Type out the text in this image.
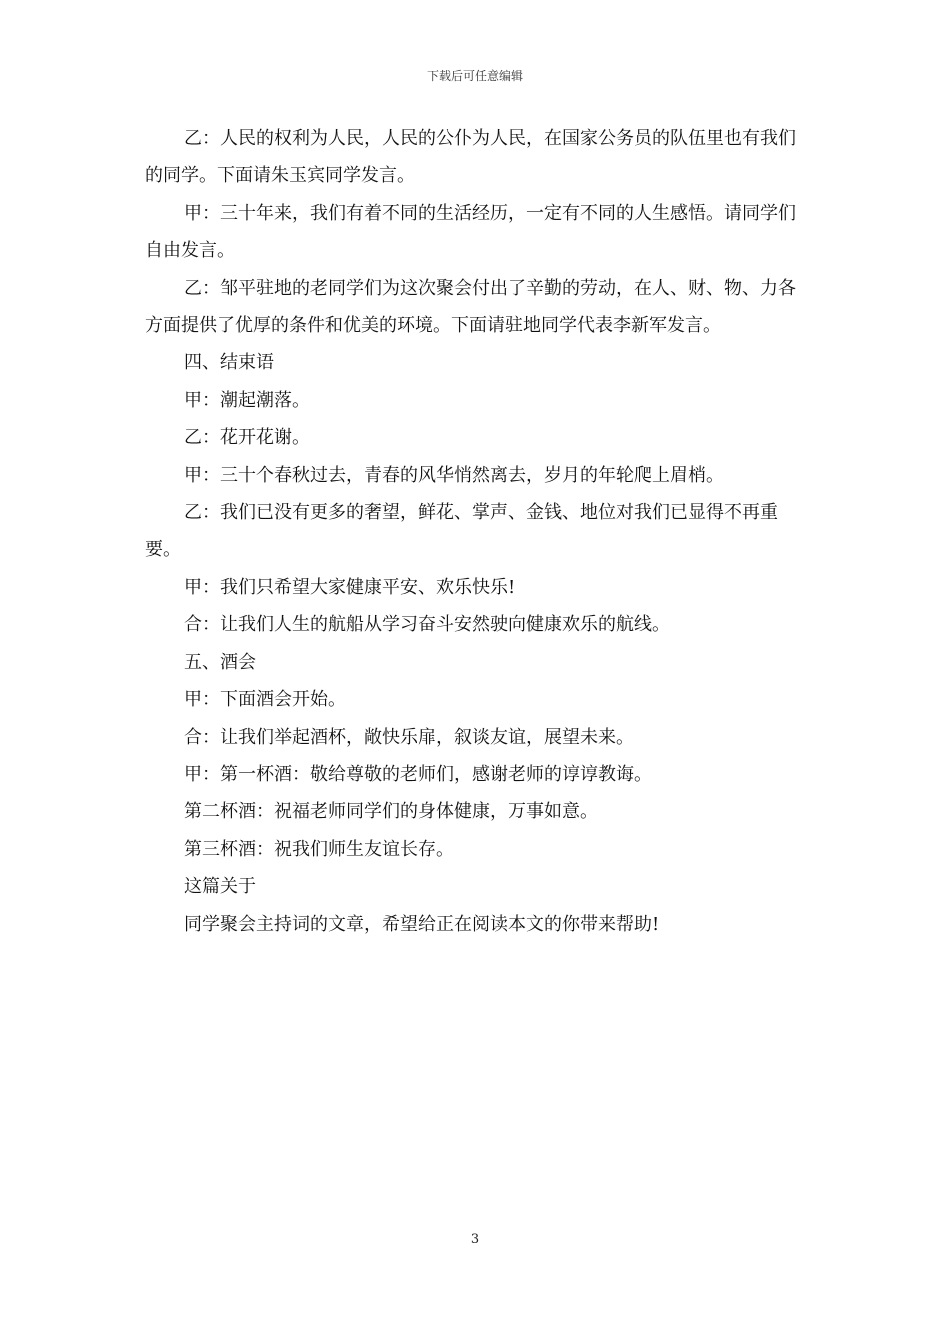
下载后可任意编辑

乙：人民的权利为人民，人民的公仆为人民，在国家公务员的队伍里也有我们的同学。下面请朱玉宾同学发言。

甲：三十年来，我们有着不同的生活经历，一定有不同的人生感悟。请同学们自由发言。

乙：邹平驻地的老同学们为这次聚会付出了辛勤的劳动，在人、财、物、力各方面提供了优厚的条件和优美的环境。下面请驻地同学代表李新军发言。

四、结束语

甲：潮起潮落。

乙：花开花谢。

甲：三十个春秋过去，青春的风华悄然离去，岁月的年轮爬上眉梢。

乙：我们已没有更多的奢望，鲜花、掌声、金钱、地位对我们已显得不再重要。

甲：我们只希望大家健康平安、欢乐快乐!

合：让我们人生的航船从学习奋斗安然驶向健康欢乐的航线。

五、酒会

甲：下面酒会开始。

合：让我们举起酒杯，敞快乐扉，叙谈友谊，展望未来。

甲：第一杯酒：敬给尊敬的老师们，感谢老师的谆谆教诲。

第二杯酒：祝福老师同学们的身体健康，万事如意。

第三杯酒：祝我们师生友谊长存。

这篇关于

同学聚会主持词的文章，希望给正在阅读本文的你带来帮助!

3
